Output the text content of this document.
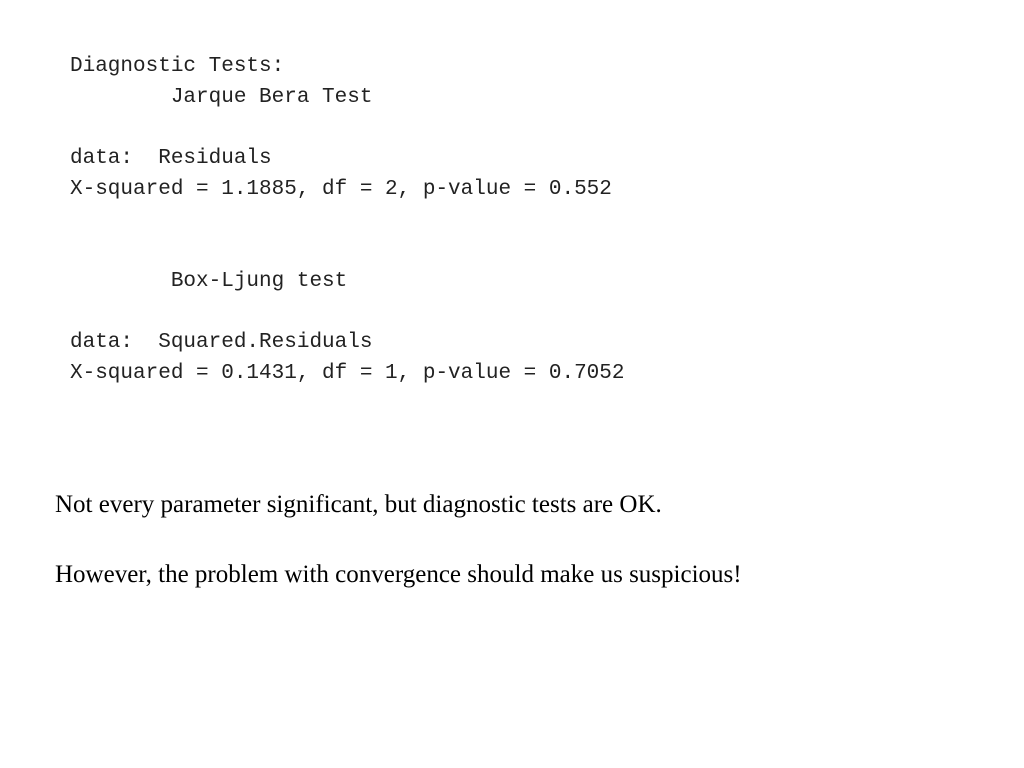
Diagnostic Tests:
Jarque Bera Test
data:  Residuals
X-squared = 1.1885, df = 2, p-value = 0.552
Box-Ljung test
data:  Squared.Residuals
X-squared = 0.1431, df = 1, p-value = 0.7052

Not every parameter significant, but diagnostic tests are OK.

However, the problem with convergence should make us suspicious!
